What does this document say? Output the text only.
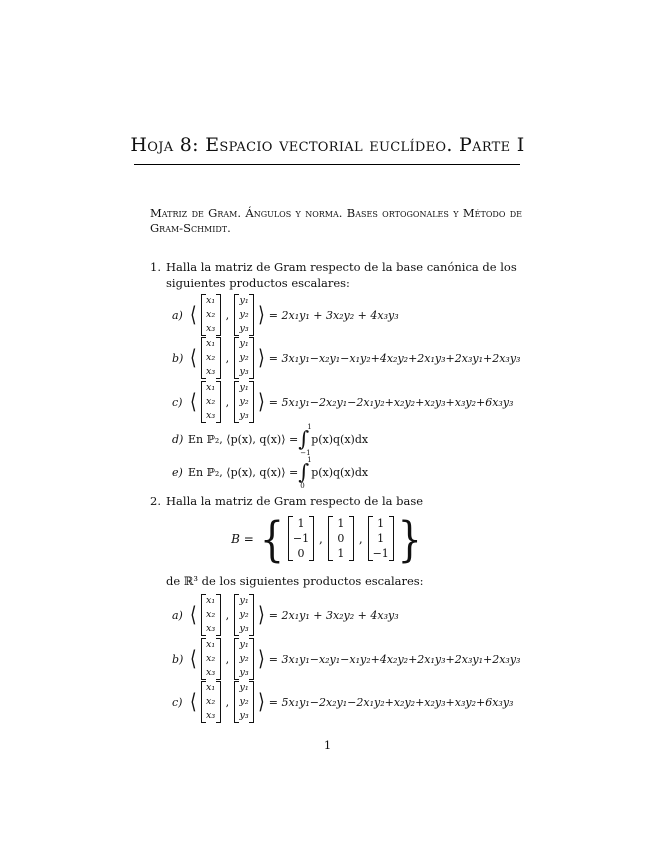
Hoja 8: Espacio vectorial euclídeo. Parte I
Matriz de Gram. Ángulos y norma. Bases ortogonales y Método de Gram-Schmidt.
1. Halla la matriz de Gram respecto de la base canónica de los siguientes productos escalares:
a) ⟨
x₁
x₂
x₃
,
y₁
y₂
y₃
⟩ = 2x₁y₁ + 3x₂y₂ + 4x₃y₃
b) ⟨
x₁
x₂
x₃
,
y₁
y₂
y₃
⟩ = 3x₁y₁−x₂y₁−x₁y₂+4x₂y₂+2x₁y₃+2x₃y₁+2x₃y₃
c) ⟨
x₁
x₂
x₃
,
y₁
y₂
y₃
⟩ = 5x₁y₁−2x₂y₁−2x₁y₂+x₂y₂+x₂y₃+x₃y₂+6x₃y₃
d) En ℙ₂, ⟨p(x), q(x)⟩ = ∫
1
−1
p(x)q(x)dx
e) En ℙ₂, ⟨p(x), q(x)⟩ = ∫
1
0
p(x)q(x)dx
2. Halla la matriz de Gram respecto de la base
B = {	1
−1
0
,
1
0
1
,
1
1
−1 }
de ℝ³ de los siguientes productos escalares:
a) ⟨
x₁
x₂
x₃
,
y₁
y₂
y₃
⟩ = 2x₁y₁ + 3x₂y₂ + 4x₃y₃
b) ⟨
x₁
x₂
x₃
,
y₁
y₂
y₃
⟩ = 3x₁y₁−x₂y₁−x₁y₂+4x₂y₂+2x₁y₃+2x₃y₁+2x₃y₃
c) ⟨
x₁
x₂
x₃
,
y₁
y₂
y₃
⟩ = 5x₁y₁−2x₂y₁−2x₁y₂+x₂y₂+x₂y₃+x₃y₂+6x₃y₃
1
